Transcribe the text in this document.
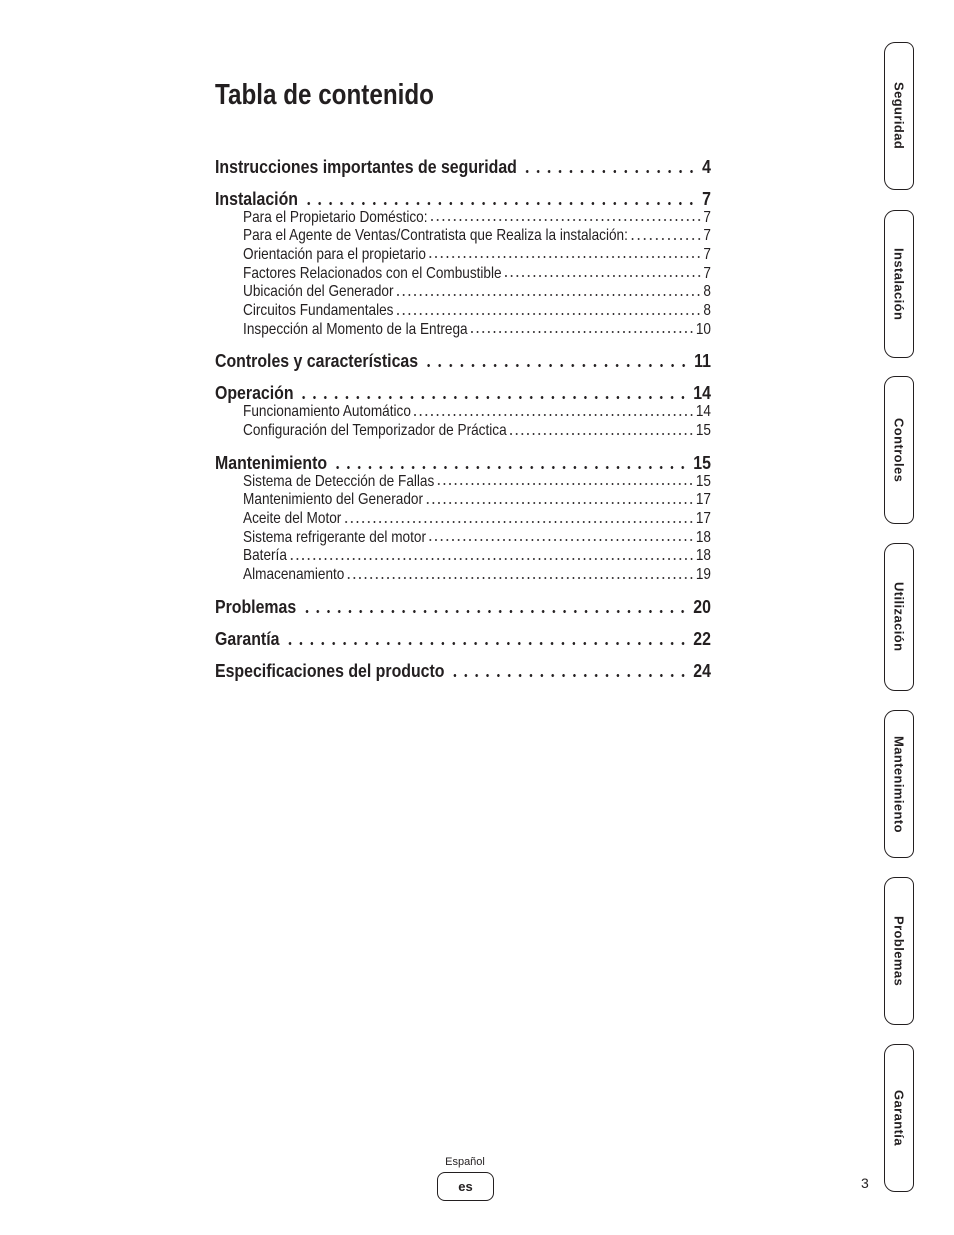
Tabla de contenido
Instrucciones importantes de seguridad	4
Instalación	7
Para el Propietario Doméstico:	7
Para el Agente de Ventas/Contratista que Realiza la instalación:	7
Orientación para el propietario	7
Factores Relacionados con el Combustible	7
Ubicación del Generador	8
Circuitos Fundamentales	8
Inspección al Momento de la Entrega	10
Controles y características	11
Operación	14
Funcionamiento Automático	14
Configuración del Temporizador de Práctica	15
Mantenimiento	15
Sistema de Detección de Fallas	15
Mantenimiento del Generador	17
Aceite del Motor	17
Sistema refrigerante del motor	18
Batería	18
Almacenamiento	19
Problemas	20
Garantía	22
Especificaciones del producto	24
Seguridad
Instalación
Controles
Utilización
Mantenimiento
Problemas
Garantía
Español
es	3
